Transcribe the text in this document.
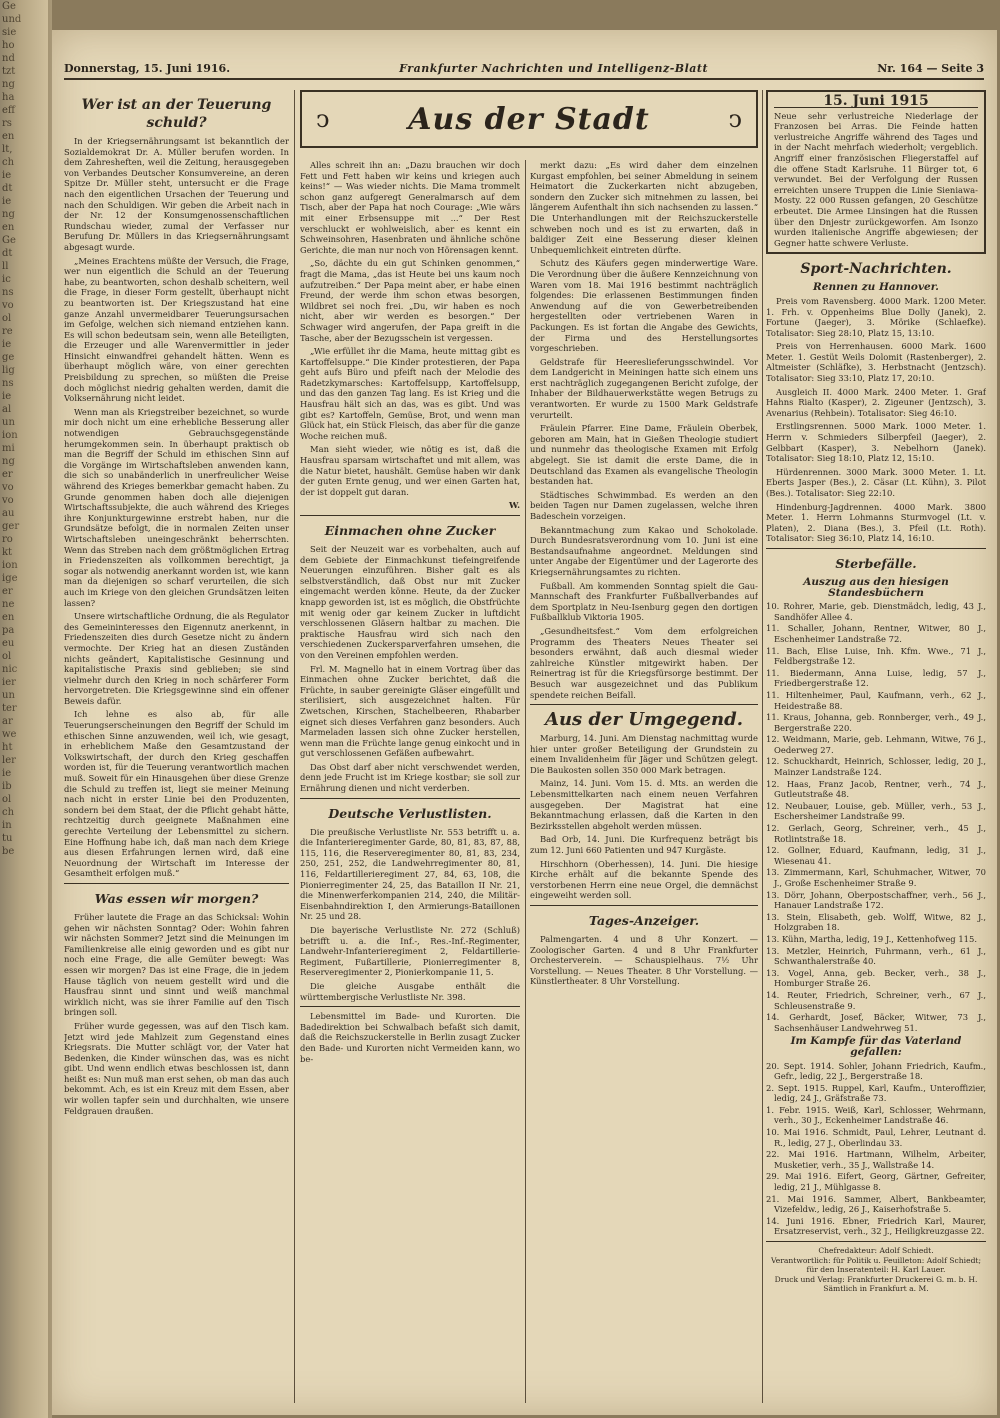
Ge
und
sie
ho
nd
tzt
ng
ha
eff
rs
en
lt,
ch
ie
dt
ie
ng
en
Ge
dt
ll
ic
ns
vo
ol
re
ie
ge
lig
ns
ie
al
un
ion
mi
ng
er
vo
vo
au
ger
ro
kt
ion
ige
er
ne
en
pa
eu
ol
nic
ier
un
ter
ar
we
ht
ler
ie
ib
ol
ch
in
tu
be
Donnerstag, 15. Juni 1916.	Frankfurter Nachrichten und Intelligenz-Blatt	Nr. 164 — Seite 3
Wer ist an der Teuerung schuld?

In der Kriegsernährungsamt ist bekanntlich der Sozialdemokrat Dr. A. Müller berufen worden. In dem Zahresheften, weil die Zeitung, herausgegeben von Verbandes Deutscher Konsumvereine, an deren Spitze Dr. Müller steht, untersucht er die Frage nach den eigentlichen Ursachen der Teuerung und nach den Schuldigen. Wir geben die Arbeit nach in der Nr. 12 der Konsumgenossenschaftlichen Rundschau wieder, zumal der Verfasser nur Berufung Dr. Müllers in das Kriegsernährungsamt abgesagt wurde.

„Meines Erachtens müßte der Versuch, die Frage, wer nun eigentlich die Schuld an der Teuerung habe, zu beantworten, schon deshalb scheitern, weil die Frage, in dieser Form gestellt, überhaupt nicht zu beantworten ist. Der Kriegszustand hat eine ganze Anzahl unvermeidbarer Teuerungsursachen im Gefolge, welchen sich niemand entziehen kann. Es will schon bedeutsam sein, wenn alle Beteiligten, die Erzeuger und alle Warenvermittler in jeder Hinsicht einwandfrei gehandelt hätten. Wenn es überhaupt möglich wäre, von einer gerechten Preisbildung zu sprechen, so müßten die Preise doch möglichst niedrig gehalten werden, damit die Volksernährung nicht leidet.

Wenn man als Kriegstreiber bezeichnet, so wurde mir doch nicht um eine erhebliche Besserung aller notwendigen Gebrauchsgegenstände herumgekommen sein. In überhaupt praktisch ob man die Begriff der Schuld im ethischen Sinn auf die Vorgänge im Wirtschaftsleben anwenden kann, die sich so unabänderlich in unerfreulicher Weise während des Krieges bemerkbar gemacht haben. Zu Grunde genommen haben doch alle diejenigen Wirtschaftssubjekte, die auch während des Krieges ihre Konjunkturgewinne erstrebt haben, nur die Grundsätze befolgt, die in normalen Zeiten unser Wirtschaftsleben uneingeschränkt beherrschten. Wenn das Streben nach dem größtmöglichen Ertrag in Friedenszeiten als vollkommen berechtigt, ja sogar als notwendig anerkannt worden ist, wie kann man da diejenigen so scharf verurteilen, die sich auch im Kriege von den gleichen Grundsätzen leiten lassen?

Unsere wirtschaftliche Ordnung, die als Regulator des Gemeininteresses den Eigennutz anerkennt, in Friedenszeiten dies durch Gesetze nicht zu ändern vermochte. Der Krieg hat an diesen Zuständen nichts geändert, Kapitalistische Gesinnung und kapitalistische Praxis sind geblieben; sie sind vielmehr durch den Krieg in noch schärferer Form hervorgetreten. Die Kriegsgewinne sind ein offener Beweis dafür.

Ich lehne es also ab, für alle Teuerungserscheinungen den Begriff der Schuld im ethischen Sinne anzuwenden, weil ich, wie gesagt, in erheblichem Maße den Gesamtzustand der Volkswirtschaft, der durch den Krieg geschaffen worden ist, für die Teuerung verantwortlich machen muß. Soweit für ein Hinausgehen über diese Grenze die Schuld zu treffen ist, liegt sie meiner Meinung nach nicht in erster Linie bei den Produzenten, sondern bei dem Staat, der die Pflicht gehabt hätte, rechtzeitig durch geeignete Maßnahmen eine gerechte Verteilung der Lebensmittel zu sichern. Eine Hoffnung habe ich, daß man nach dem Kriege aus diesen Erfahrungen lernen wird, daß eine Neuordnung der Wirtschaft im Interesse der Gesamtheit erfolgen muß.“

Was essen wir morgen?

Früher lautete die Frage an das Schicksal: Wohin gehen wir nächsten Sonntag? Oder: Wohin fahren wir nächsten Sommer? Jetzt sind die Meinungen im Familienkreise alle einig geworden und es gibt nur noch eine Frage, die alle Gemüter bewegt: Was essen wir morgen? Das ist eine Frage, die in jedem Hause täglich von neuem gestellt wird und die Hausfrau sinnt und sinnt und weiß manchmal wirklich nicht, was sie ihrer Familie auf den Tisch bringen soll.

Früher wurde gegessen, was auf den Tisch kam. Jetzt wird jede Mahlzeit zum Gegenstand eines Kriegsrats. Die Mutter schlägt vor, der Vater hat Bedenken, die Kinder wünschen das, was es nicht gibt. Und wenn endlich etwas beschlossen ist, dann heißt es: Nun muß man erst sehen, ob man das auch bekommt. Ach, es ist ein Kreuz mit dem Essen, aber wir wollen tapfer sein und durchhalten, wie unsere Feldgrauen draußen.

ↄ	Aus der Stadt	ↄ

Alles schreit ihn an: „Dazu brauchen wir doch Fett und Fett haben wir keins und kriegen auch keins!“ — Was wieder nichts. Die Mama trommelt schon ganz aufgeregt Generalmarsch auf dem Tisch, aber der Papa hat noch Courage: „Wie wärs mit einer Erbsensuppe mit ...“ Der Rest verschluckt er wohlweislich, aber es kennt ein Schweinsohren, Hasenbraten und ähnliche schöne Gerichte, die man nur noch von Hörensagen kennt.

„So, dächte du ein gut Schinken genommen,“ fragt die Mama, „das ist Heute bei uns kaum noch aufzutreiben.“ Der Papa meint aber, er habe einen Freund, der werde ihm schon etwas besorgen, Wildbret sei noch frei. „Du, wir haben es noch nicht, aber wir werden es besorgen.“ Der Schwager wird angerufen, der Papa greift in die Tasche, aber der Bezugsschein ist vergessen.

„Wie erfüllet ihr die Mama, heute mittag gibt es Kartoffelsuppe.“ Die Kinder protestieren, der Papa geht aufs Büro und pfeift nach der Melodie des Radetzkymarsches: Kartoffelsupp, Kartoffelsupp, und das den ganzen Tag lang. Es ist Krieg und die Hausfrau hält sich an das, was es gibt. Und was gibt es? Kartoffeln, Gemüse, Brot, und wenn man Glück hat, ein Stück Fleisch, das aber für die ganze Woche reichen muß.

Man sieht wieder, wie nötig es ist, daß die Hausfrau sparsam wirtschaftet und mit allem, was die Natur bietet, haushält. Gemüse haben wir dank der guten Ernte genug, und wer einen Garten hat, der ist doppelt gut daran.

W.
Einmachen ohne Zucker

Seit der Neuzeit war es vorbehalten, auch auf dem Gebiete der Einmachkunst tiefeingreifende Neuerungen einzuführen. Bisher galt es als selbstverständlich, daß Obst nur mit Zucker eingemacht werden könne. Heute, da der Zucker knapp geworden ist, ist es möglich, die Obstfrüchte mit wenig oder gar keinem Zucker in luftdicht verschlossenen Gläsern haltbar zu machen. Die praktische Hausfrau wird sich nach den verschiedenen Zuckersparverfahren umsehen, die von den Vereinen empfohlen werden.

Frl. M. Magnello hat in einem Vortrag über das Einmachen ohne Zucker berichtet, daß die Früchte, in sauber gereinigte Gläser eingefüllt und sterilisiert, sich ausgezeichnet halten. Für Zwetschen, Kirschen, Stachelbeeren, Rhabarber eignet sich dieses Verfahren ganz besonders. Auch Marmeladen lassen sich ohne Zucker herstellen, wenn man die Früchte lange genug einkocht und in gut verschlossenen Gefäßen aufbewahrt.

Das Obst darf aber nicht verschwendet werden, denn jede Frucht ist im Kriege kostbar; sie soll zur Ernährung dienen und nicht verderben.

Deutsche Verlustlisten.

Die preußische Verlustliste Nr. 553 betrifft u. a. die Infanterieregimenter Garde, 80, 81, 83, 87, 88, 115, 116, die Reserveregimenter 80, 81, 83, 234, 250, 251, 252, die Landwehrregimenter 80, 81, 116, Feldartillerieregiment 27, 84, 63, 108, die Pionierregimenter 24, 25, das Bataillon II Nr. 21, die Minenwerferkompanien 214, 240, die Militär-Eisenbahndirektion I, den Armierungs-Bataillonen Nr. 25 und 28.

Die bayerische Verlustliste Nr. 272 (Schluß) betrifft u. a. die Inf.-, Res.-Inf.-Regimenter, Landwehr-Infanterieregiment 2, Feldartillerie-Regiment, Fußartillerie, Pionierregimenter 8, Reserveregimenter 2, Pionierkompanie 11, 5.

Die gleiche Ausgabe enthält die württembergische Verlustliste Nr. 398.

Lebensmittel im Bade- und Kurorten. Die Badedirektion bei Schwalbach befaßt sich damit, daß die Reichszuckerstelle in Berlin zusagt Zucker den Bade- und Kurorten nicht Vermeiden kann, wo be-

merkt dazu: „Es wird daher dem einzelnen Kurgast empfohlen, bei seiner Abmeldung in seinem Heimatort die Zuckerkarten nicht abzugeben, sondern den Zucker sich mitnehmen zu lassen, bei längerem Aufenthalt ihn sich nachsenden zu lassen.“ Die Unterhandlungen mit der Reichszuckerstelle schweben noch und es ist zu erwarten, daß in baldiger Zeit eine Besserung dieser kleinen Unbequemlichkeit eintreten dürfte.

Schutz des Käufers gegen minderwertige Ware. Die Verordnung über die äußere Kennzeichnung von Waren vom 18. Mai 1916 bestimmt nachträglich folgendes: Die erlassenen Bestimmungen finden Anwendung auf die von Gewerbetreibenden hergestellten oder vertriebenen Waren in Packungen. Es ist fortan die Angabe des Gewichts, der Firma und des Herstellungsortes vorgeschrieben.

Geldstrafe für Heereslieferungsschwindel. Vor dem Landgericht in Meiningen hatte sich einem uns erst nachträglich zugegangenen Bericht zufolge, der Inhaber der Bildhauerwerkstätte wegen Betrugs zu verantworten. Er wurde zu 1500 Mark Geldstrafe verurteilt.

Fräulein Pfarrer. Eine Dame, Fräulein Oberbek, geboren am Main, hat in Gießen Theologie studiert und nunmehr das theologische Examen mit Erfolg abgelegt. Sie ist damit die erste Dame, die in Deutschland das Examen als evangelische Theologin bestanden hat.

Städtisches Schwimmbad. Es werden an den beiden Tagen nur Damen zugelassen, welche ihren Badeschein vorzeigen.

Bekanntmachung zum Kakao und Schokolade. Durch Bundesratsverordnung vom 10. Juni ist eine Bestandsaufnahme angeordnet. Meldungen sind unter Angabe der Eigentümer und der Lagerorte des Kriegsernährungsamtes zu richten.

Fußball. Am kommenden Sonntag spielt die Gau-Mannschaft des Frankfurter Fußballverbandes auf dem Sportplatz in Neu-Isenburg gegen den dortigen Fußballklub Viktoria 1905.

„Gesundheitsfest.“ Vom dem erfolgreichen Programm des Theaters Neues Theater sei besonders erwähnt, daß auch diesmal wieder zahlreiche Künstler mitgewirkt haben. Der Reinertrag ist für die Kriegsfürsorge bestimmt. Der Besuch war ausgezeichnet und das Publikum spendete reichen Beifall.

Aus der Umgegend.

Marburg, 14. Juni. Am Dienstag nachmittag wurde hier unter großer Beteiligung der Grundstein zu einem Invalidenheim für Jäger und Schützen gelegt. Die Baukosten sollen 350 000 Mark betragen.

Mainz, 14. Juni. Vom 15. d. Mts. an werden die Lebensmittelkarten nach einem neuen Verfahren ausgegeben. Der Magistrat hat eine Bekanntmachung erlassen, daß die Karten in den Bezirksstellen abgeholt werden müssen.

Bad Orb, 14. Juni. Die Kurfrequenz beträgt bis zum 12. Juni 660 Patienten und 947 Kurgäste.

Hirschhorn (Oberhessen), 14. Juni. Die hiesige Kirche erhält auf die bekannte Spende des verstorbenen Herrn eine neue Orgel, die demnächst eingeweiht werden soll.

Tages-Anzeiger.

Palmengarten. 4 und 8 Uhr Konzert. — Zoologischer Garten. 4 und 8 Uhr Frankfurter Orchesterverein. — Schauspielhaus. 7½ Uhr Vorstellung. — Neues Theater. 8 Uhr Vorstellung. — Künstlertheater. 8 Uhr Vorstellung.

15. Juni 1915
Neue sehr verlustreiche Niederlage der Franzosen bei Arras. Die Feinde hatten verlustreiche Angriffe während des Tages und in der Nacht mehrfach wiederholt; vergeblich. Angriff einer französischen Fliegerstaffel auf die offene Stadt Karlsruhe. 11 Bürger tot, 6 verwundet. Bei der Verfolgung der Russen erreichten unsere Truppen die Linie Sieniawa-Mosty. 22 000 Russen gefangen, 20 Geschütze erbeutet. Die Armee Linsingen hat die Russen über den Dnjestr zurückgeworfen. Am Isonzo wurden italienische Angriffe abgewiesen; der Gegner hatte schwere Verluste.
Sport-Nachrichten.
Rennen zu Hannover.

Preis vom Ravensberg. 4000 Mark. 1200 Meter. 1. Frh. v. Oppenheims Blue Dolly (Janek), 2. Fortune (Jaeger), 3. Mörike (Schlaefke). Totalisator: Sieg 28:10, Platz 15, 13:10.

Preis von Herrenhausen. 6000 Mark. 1600 Meter. 1. Gestüt Weils Dolomit (Rastenberger), 2. Altmeister (Schläfke), 3. Herbstnacht (Jentzsch). Totalisator: Sieg 33:10, Platz 17, 20:10.

Ausgleich II. 4000 Mark. 2400 Meter. 1. Graf Hahns Rialto (Kasper), 2. Zigeuner (Jentzsch), 3. Avenarius (Rehbein). Totalisator: Sieg 46:10.

Erstlingsrennen. 5000 Mark. 1000 Meter. 1. Herrn v. Schmieders Silberpfeil (Jaeger), 2. Gelbbart (Kasper), 3. Nebelhorn (Janek). Totalisator: Sieg 18:10, Platz 12, 15:10.

Hürdenrennen. 3000 Mark. 3000 Meter. 1. Lt. Eberts Jasper (Bes.), 2. Cäsar (Lt. Kühn), 3. Pilot (Bes.). Totalisator: Sieg 22:10.

Hindenburg-Jagdrennen. 4000 Mark. 3800 Meter. 1. Herrn Lohmanns Sturmvogel (Lt. v. Platen), 2. Diana (Bes.), 3. Pfeil (Lt. Roth). Totalisator: Sieg 36:10, Platz 14, 16:10.

Sterbefälle.
Auszug aus den hiesigen Standesbüchern
10. Rohrer, Marie, geb. Dienstmädch, ledig, 43 J., Sandhöfer Allee 4.
11. Schaller, Johann, Rentner, Witwer, 80 J., Eschenheimer Landstraße 72.
11. Bach, Elise Luise, Inh. Kfm. Wwe., 71 J., Feldbergstraße 12.
11. Biedermann, Anna Luise, ledig, 57 J., Friedbergerstraße 12.
11. Hiltenheimer, Paul, Kaufmann, verh., 62 J., Heidestraße 88.
11. Kraus, Johanna, geb. Ronnberger, verh., 49 J., Bergerstraße 220.
12. Weidmann, Marie, geb. Lehmann, Witwe, 76 J., Oederweg 27.
12. Schuckhardt, Heinrich, Schlosser, ledig, 20 J., Mainzer Landstraße 124.
12. Haas, Franz Jacob, Rentner, verh., 74 J., Gutleutstraße 48.
12. Neubauer, Louise, geb. Müller, verh., 53 J., Eschersheimer Landstraße 99.
12. Gerlach, Georg, Schreiner, verh., 45 J., Rotlintstraße 18.
12. Gollner, Eduard, Kaufmann, ledig, 31 J., Wiesenau 41.
13. Zimmermann, Karl, Schuhmacher, Witwer, 70 J., Große Eschenheimer Straße 9.
13. Dörr, Johann, Oberpostschaffner, verh., 56 J., Hanauer Landstraße 172.
13. Stein, Elisabeth, geb. Wolff, Witwe, 82 J., Holzgraben 18.
13. Kühn, Martha, ledig, 19 J., Kettenhofweg 115.
13. Metzler, Heinrich, Fuhrmann, verh., 61 J., Schwanthalerstraße 40.
13. Vogel, Anna, geb. Becker, verh., 38 J., Homburger Straße 26.
14. Reuter, Friedrich, Schreiner, verh., 67 J., Schleusenstraße 9.
14. Gerhardt, Josef, Bäcker, Witwer, 73 J., Sachsenhäuser Landwehrweg 51.
Im Kampfe für das Vaterland gefallen:
20. Sept. 1914. Sohler, Johann Friedrich, Kaufm., Gefr., ledig, 22 J., Bergerstraße 18.
2. Sept. 1915. Ruppel, Karl, Kaufm., Unteroffizier, ledig, 24 J., Gräfstraße 73.
1. Febr. 1915. Weiß, Karl, Schlosser, Wehrmann, verh., 30 J., Eckenheimer Landstraße 46.
10. Mai 1916. Schmidt, Paul, Lehrer, Leutnant d. R., ledig, 27 J., Oberlindau 33.
22. Mai 1916. Hartmann, Wilhelm, Arbeiter, Musketier, verh., 35 J., Wallstraße 14.
29. Mai 1916. Eifert, Georg, Gärtner, Gefreiter, ledig, 21 J., Mühlgasse 8.
21. Mai 1916. Sammer, Albert, Bankbeamter, Vizefeldw., ledig, 26 J., Kaiserhofstraße 5.
14. Juni 1916. Ebner, Friedrich Karl, Maurer, Ersatzreservist, verh., 32 J., Heiligkreuzgasse 22.
Chefredakteur: Adolf Schiedt.
Verantwortlich: für Politik u. Feuilleton: Adolf Schiedt; für den Inseratenteil: H. Karl Lauer.
Druck und Verlag: Frankfurter Druckerei G. m. b. H.
Sämtlich in Frankfurt a. M.
